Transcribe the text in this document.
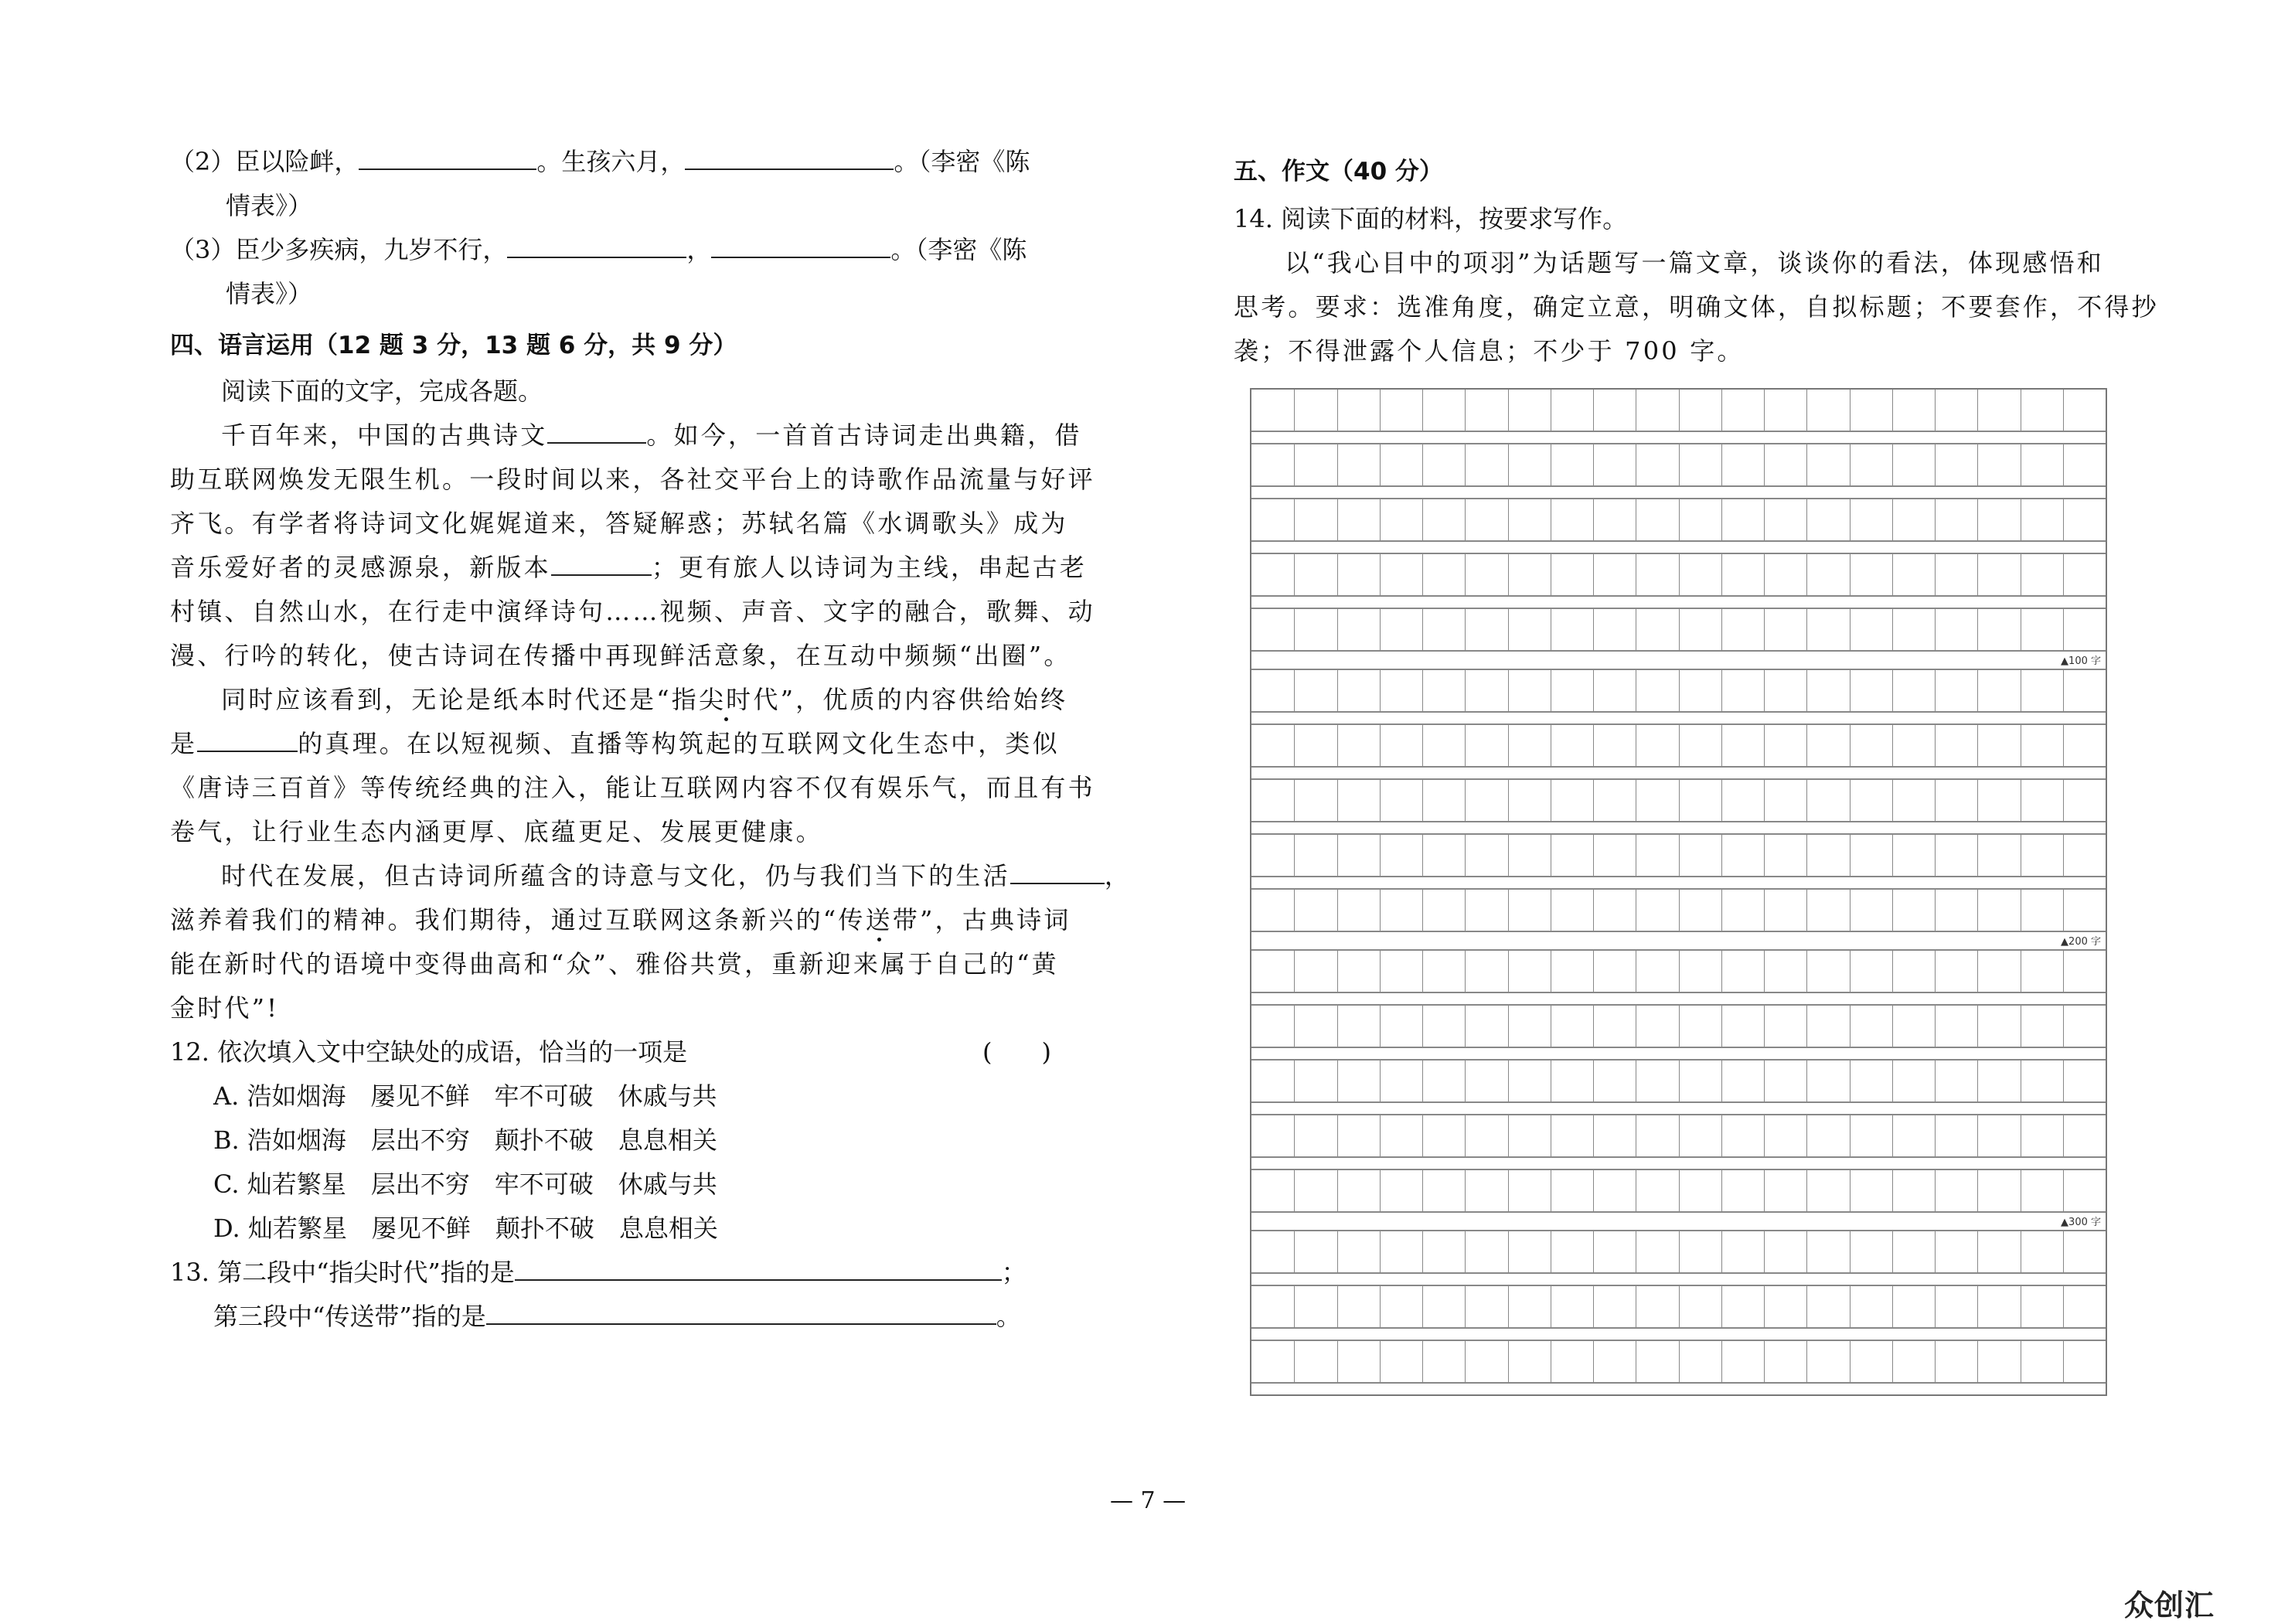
（2）臣以险衅，	。生孩六月，	。（李密《陈
情表》）
（3）臣少多疾病，九岁不行，	，	。（李密《陈
情表》）
四、语言运用（12 题 3 分，13 题 6 分，共 9 分）
阅读下面的文字，完成各题。
千百年来，中国的古典诗文	。如今，一首首古诗词走出典籍，借
助互联网焕发无限生机。一段时间以来，各社交平台上的诗歌作品流量与好评
齐飞。有学者将诗词文化娓娓道来，答疑解惑；苏轼名篇《水调歌头》成为
音乐爱好者的灵感源泉，新版本	；更有旅人以诗词为主线，串起古老
村镇、自然山水，在行走中演绎诗句……视频、声音、文字的融合，歌舞、动
漫、行吟的转化，使古诗词在传播中再现鲜活意象，在互动中频频“出圈”。
同时应该看到，无论是纸本时代还是“指尖时代”，优质的内容供给始终
是	的真理。在以短视频、直播等构筑起的互联网文化生态中，类似
《唐诗三百首》等传统经典的注入，能让互联网内容不仅有娱乐气，而且有书
卷气，让行业生态内涵更厚、底蕴更足、发展更健康。
时代在发展，但古诗词所蕴含的诗意与文化，仍与我们当下的生活	，
滋养着我们的精神。我们期待，通过互联网这条新兴的“传送带”，古典诗词
能在新时代的语境中变得曲高和“众”、雅俗共赏，重新迎来属于自己的“黄
金时代”!
12. 依次填入文中空缺处的成语，恰当的一项是	(　　)
A. 浩如烟海　屡见不鲜　牢不可破　休戚与共
B. 浩如烟海　层出不穷　颠扑不破　息息相关
C. 灿若繁星　层出不穷　牢不可破　休戚与共
D. 灿若繁星　屡见不鲜　颠扑不破　息息相关
13. 第二段中“指尖时代”指的是	；
第三段中“传送带”指的是	。
五、作文（40 分）
14. 阅读下面的材料，按要求写作。
以“我心目中的项羽”为话题写一篇文章，谈谈你的看法，体现感悟和
思考。要求：选准角度，确定立意，明确文体，自拟标题；不要套作，不得抄
袭；不得泄露个人信息；不少于 700 字。
▲100 字
▲200 字
▲300 字
— 7 —
众创汇
